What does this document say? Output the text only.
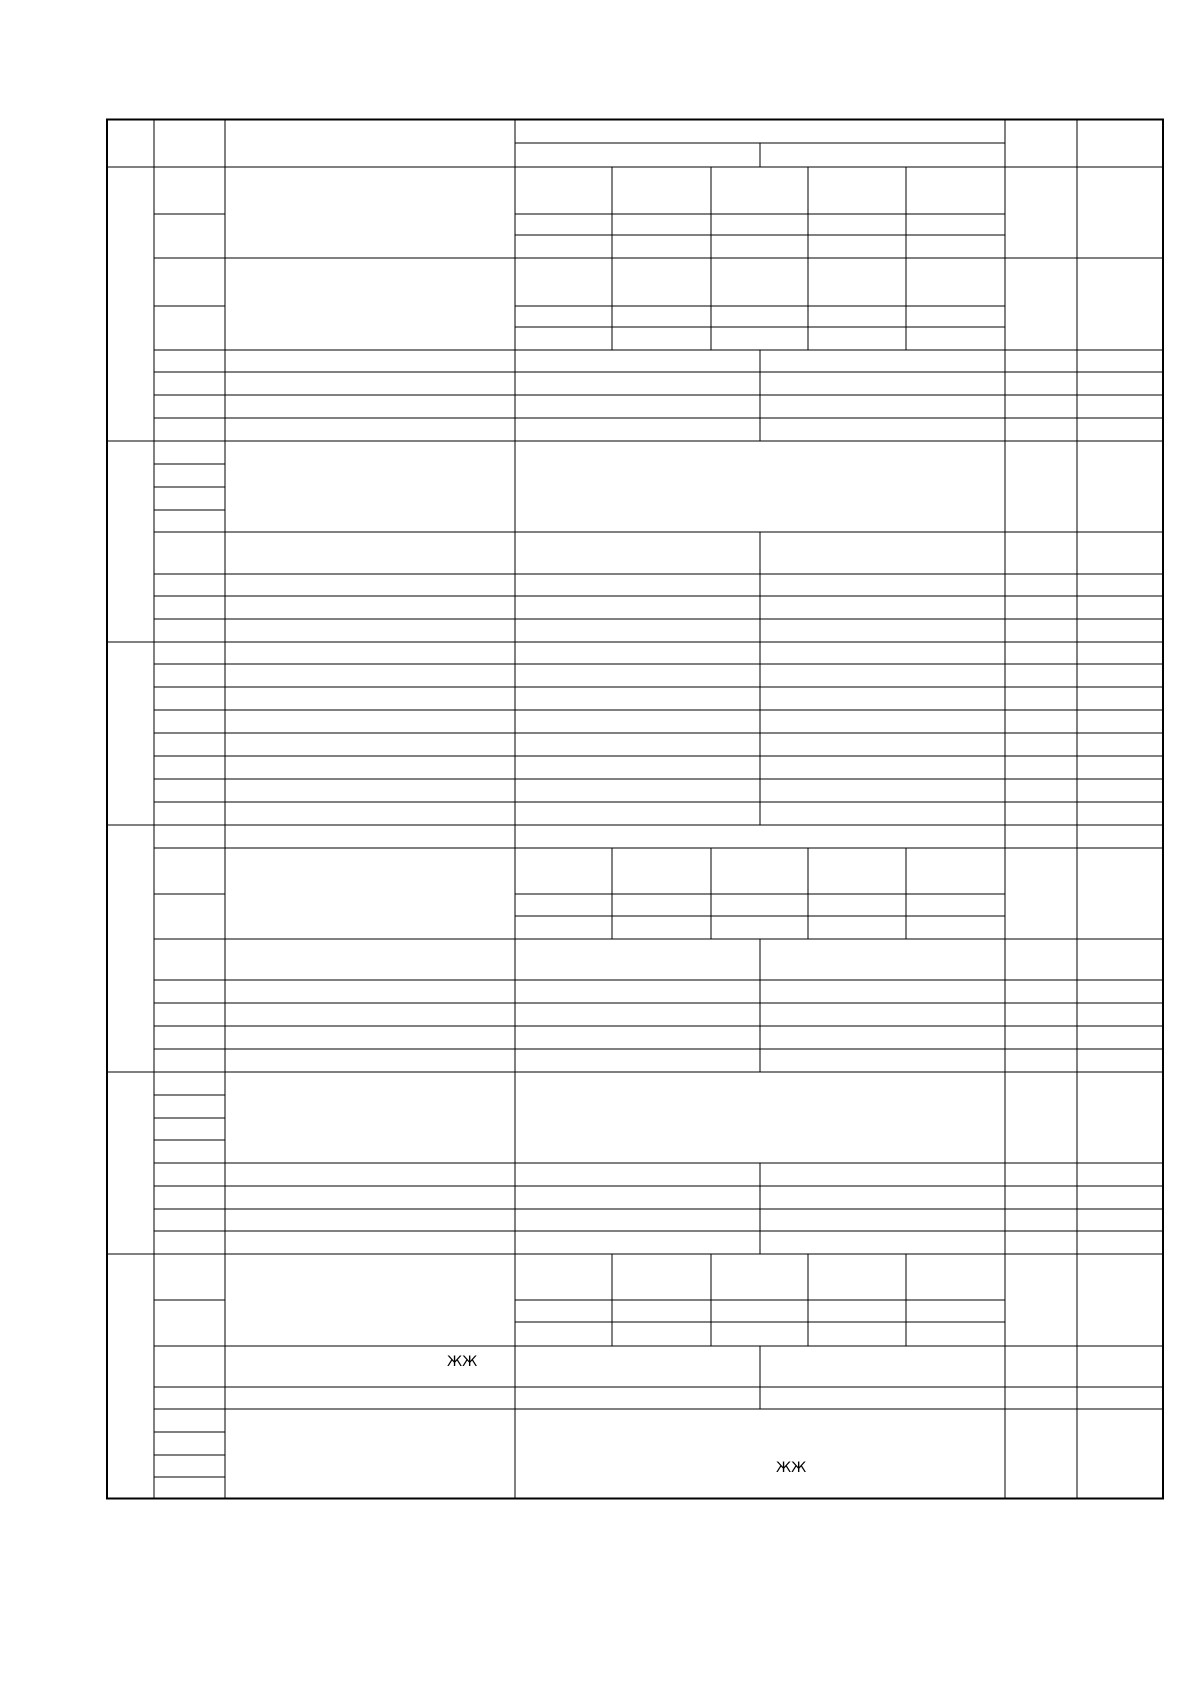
ЖЖ
ЖЖ
